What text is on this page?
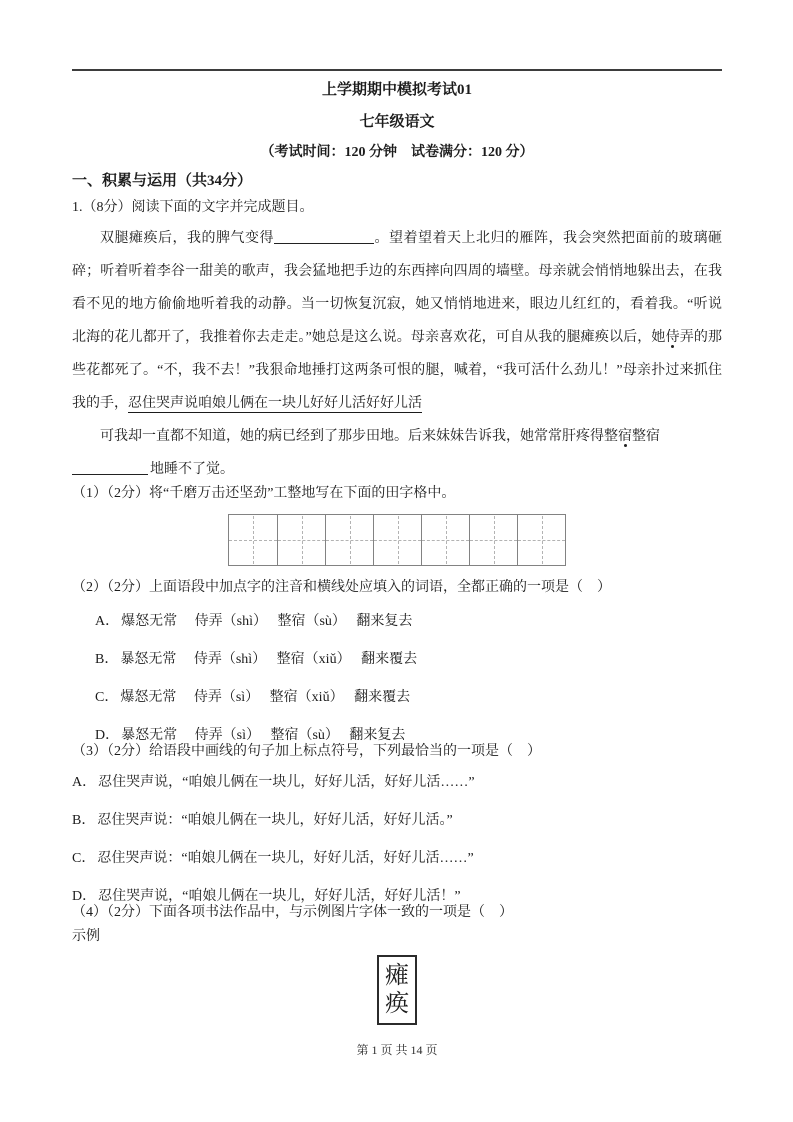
上学期期中模拟考试01
七年级语文
（考试时间：120 分钟　试卷满分：120 分）
一、积累与运用（共34分）
1.（8分）阅读下面的文字并完成题目。
双腿瘫痪后，我的脾气变得	。望着望着天上北归的雁阵，我会突然把面前的玻璃砸碎；听着听着李谷一甜美的歌声，我会猛地把手边的东西摔向四周的墙壁。母亲就会悄悄地躲出去，在我看不见的地方偷偷地听着我的动静。当一切恢复沉寂，她又悄悄地进来，眼边儿红红的，看着我。“听说北海的花儿都开了，我推着你去走走。”她总是这么说。母亲喜欢花，可自从我的腿瘫痪以后，她侍弄的那些花都死了。“不，我不去！”我狠命地捶打这两条可恨的腿，喊着，“我可活什么劲儿！”母亲扑过来抓住我的手，忍住哭声说咱娘儿俩在一块儿好好儿活好好儿活
可我却一直都不知道，她的病已经到了那步田地。后来妹妹告诉我，她常常肝疼得整宿整宿
地睡不了觉。
（1）（2分）将“千磨万击还坚劲”工整地写在下面的田字格中。
（2）（2分）上面语段中加点字的注音和横线处应填入的词语，全都正确的一项是（　）
A． 爆怒无常　 侍弄（shì）　 整宿（sù）　 翻来复去
B． 暴怒无常　 侍弄（shì）　 整宿（xiǔ）　 翻来覆去
C． 爆怒无常　 侍弄（sì）　 整宿（xiǔ）　 翻来覆去
D． 暴怒无常　 侍弄（sì）　 整宿（sù）　 翻来复去
（3）（2分）给语段中画线的句子加上标点符号，下列最恰当的一项是（　）
A． 忍住哭声说，“咱娘儿俩在一块儿，好好儿活，好好儿活……”
B． 忍住哭声说：“咱娘儿俩在一块儿，好好儿活，好好儿活。”
C． 忍住哭声说：“咱娘儿俩在一块儿，好好儿活，好好儿活……”
D． 忍住哭声说，“咱娘儿俩在一块儿，好好儿活，好好儿活！”
（4）（2分）下面各项书法作品中，与示例图片字体一致的一项是（　）
示例
瘫
痪
第 1 页 共 14 页
